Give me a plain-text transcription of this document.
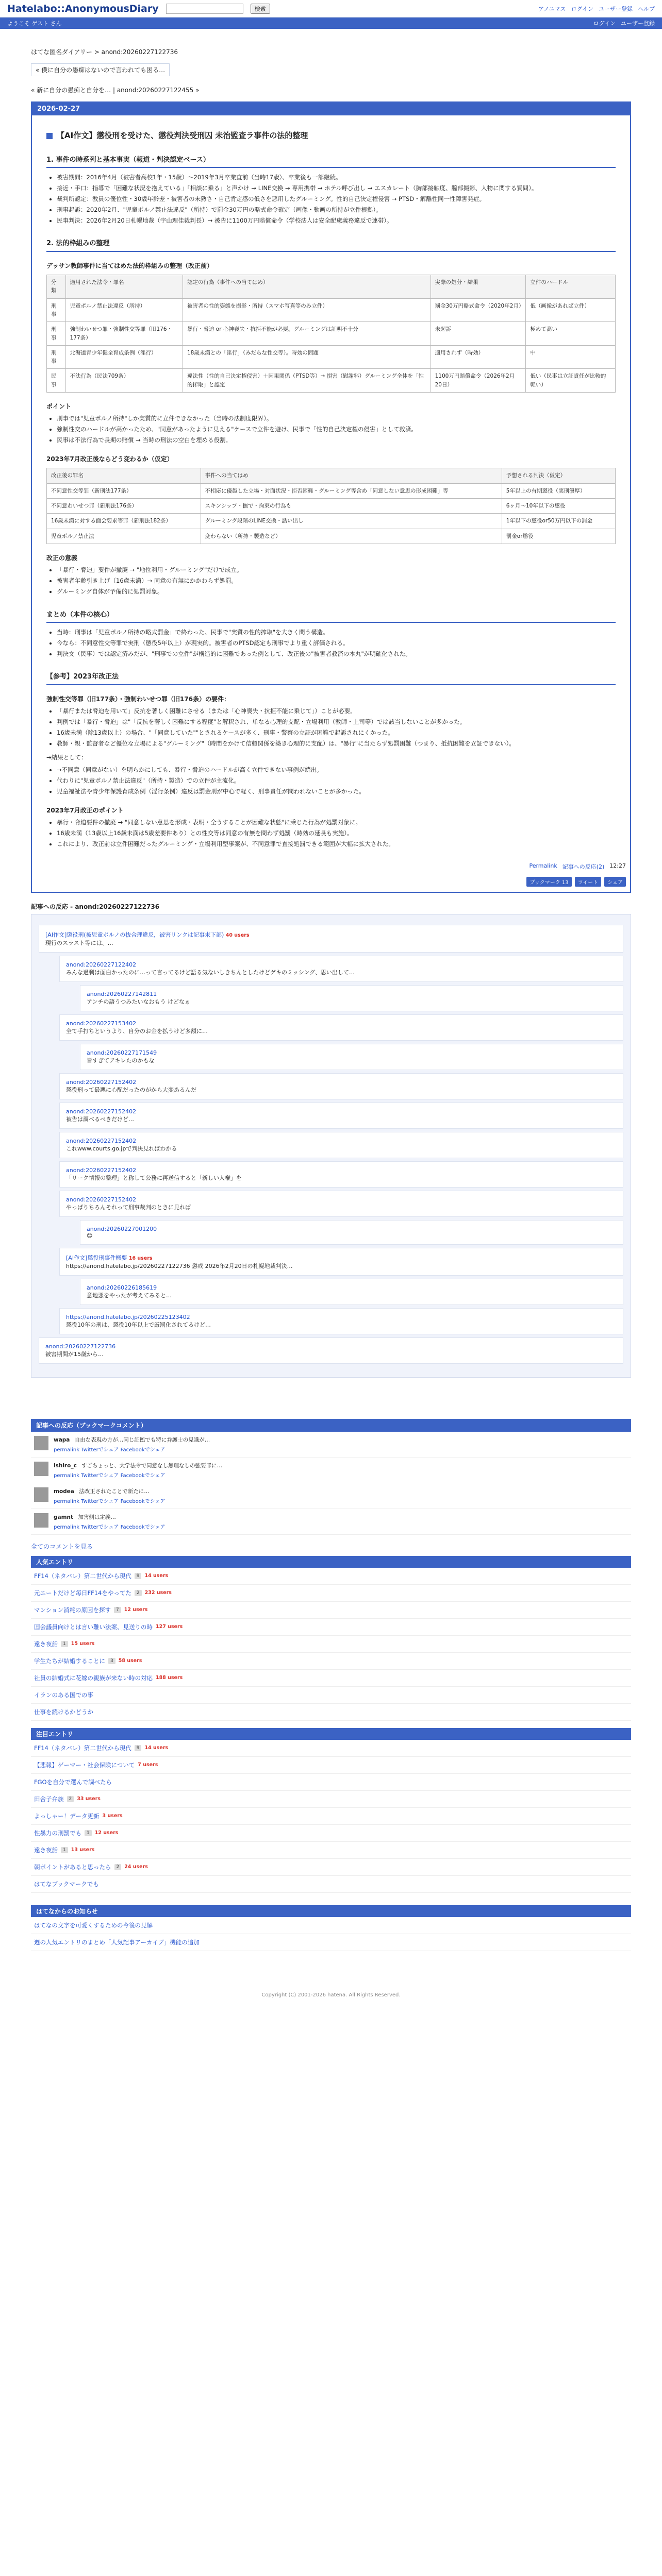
Hatelabo::AnonymousDiary	検索	アノニマス ログイン ユーザー登録 ヘルプ
ようこそ ゲスト さん	ログイン ユーザー登録
はてな匿名ダイアリー > anond:20260227122736
« 僕に自分の愚痴はないので言われても困る…
« 新に自分の愚痴と自分を… | anond:20260227122455 »
2026-02-27
【AI作文】懲役刑を受けた、懲役判決受刑囚 未治監査ラ事件の法的整理
1. 事件の時系列と基本事実（報道・判決認定ベース）
• 被害期間：2016年4月（被害者高校1年・15歳）〜2019年3月卒業直前（当時17歳）、卒業後も一部継続。
• 接近・手口：指導で「困難な状況を抱えている」「相談に乗る」と声かけ → LINE交換 → 専用携帯 → ホテル呼び出し → エスカレート（胸部接触度、膣部撮影、人物に関する質問）。
• 裁判所認定：教員の優位性・30歳年齢差・被害者の未熟さ・自己肯定感の低さを悪用したグルーミング。性的自己決定権侵害 → PTSD・解離性同一性障害発症。
• 刑事起訴：2020年2月、"児童ポルノ禁止法違反"（所持）で罰金30万円の略式命令確定（画像・動画の所持が立件根拠）。
• 民事判決：2026年2月20日札幌地裁（宇山理佳裁判長）→ 被告に1100万円賠償命令（学校法人は安全配慮義務違反で連帯）。
2. 法的枠組みの整理
デッサン教師事件に当てはめた法的枠組みの整理（改正前）
分類	適用された法令・罪名	認定の行為（事件への当てはめ）	実際の処分・結果	立件のハードル
刑事	児童ポルノ禁止法違反（所持）	被害者の性的姿態を撮影・所持（スマホ写真等のみ立件）	罰金30万円略式命令（2020年2月）	低（画像があれば立件）
刑事	強制わいせつ罪・強制性交等罪（旧176・177条）	暴行・脅迫 or 心神喪失・抗拒不能が必要。グルーミングは証明不十分	未起訴	極めて高い
刑事	北海道青少年健全育成条例（淫行）	18歳未満との「淫行」（みだらな性交等）。時効の問題	適用されず（時効）	中
民事	不法行為（民法709条）	違法性（性的自己決定権侵害）＋因果関係（PTSD等）→ 損害（慰謝料）グルーミング全体を「性的搾取」と認定	1100万円賠償命令（2026年2月20日）	低い（民事は立証責任が比較的軽い）
ポイント
• 刑事では"児童ポルノ所持"しか実質的に立件できなかった（当時の法制度限界）。
• 強制性交のハードルが高かったため、"同意があったように見える"ケースで立件を避け、民事で「性的自己決定権の侵害」として救済。
• 民事は不法行為で長期の賠償 → 当時の刑法の空白を埋める役割。
2023年7月改正後ならどう変わるか（仮定）
改正後の罪名	事件への当てはめ	予想される判決（仮定）
不同意性交等罪（新刑法177条）	不相応に優越した立場・対面状況・拒否困難・グルーミング等含め「同意しない意思の形成困難」等	5年以上の有期懲役（実刑濃厚）
不同意わいせつ罪（新刑法176条）	スキンシップ・撫で・拘束の行為も	6ヶ月〜10年以下の懲役
16歳未満に対する面会要求等罪（新刑法182条）	グルーミング段階のLINE交換・誘い出し	1年以下の懲役or50万円以下の罰金
児童ポルノ禁止法	変わらない（所持・製造など）	罰金or懲役
改正の意義
• 「暴行・脅迫」要件が撤廃 → "地位利用・グルーミング"だけで成立。
• 被害者年齢引き上げ（16歳未満）→ 同意の有無にかかわらず処罰。
• グルーミング自体が予備的に処罰対象。
まとめ（本件の核心）
• 当時：刑事は「児童ポルノ所持の略式罰金」で終わった、民事で"実質の性的搾取"を大きく問う構造。
• 今なら：不同意性交等罪で実刑（懲役5年以上）が現実的。被害者のPTSD認定も刑事でより重く評価される。
• 判決文（民事）では認定済みだが、"刑事での立件"が構造的に困難であった例として、改正後の"被害者救済の本丸"が明確化された。
【参考】2023年改正法
強制性交等罪（旧177条）・強制わいせつ罪（旧176条）の要件：
• 「暴行または脅迫を用いて」反抗を著しく困難にさせる（または「心神喪失・抗拒不能に乗じて」）ことが必要。
• 判例では「暴行・脅迫」は"「反抗を著しく困難にする程度"と解釈され、単なる心理的支配・立場利用（教師・上司等）では該当しないことが多かった。
• 16歳未満（除13歳以上）の場合、"「同意していた""とされるケースが多く、刑事・警察の立証が困難で起訴されにくかった。
• 教師・親・監督者など優位な立場による"グルーミング"（時間をかけて信頼関係を築き心理的に支配）は、"暴行"に当たらず処罰困難（つまり、抵抗困難を立証できない）。

→結果として：

• →不同意（同意がない）を明らかにしても、暴行・脅迫のハードルが高く立件できない事例が続出。
• 代わりに"児童ポルノ禁止法違反"（所持・製造）での立件が主流化。
• 児童福祉法や青少年保護育成条例（淫行条例）違反は罰金刑が中心で軽く、刑事責任が問われないことが多かった。
2023年7月改正のポイント
• 暴行・脅迫要件の撤廃 → "同意しない意思を形成・表明・全うすることが困難な状態"に乗じた行為が処罰対象に。
• 16歳未満（13歳以上16歳未満は5歳差要件あり）との性交等は同意の有無を問わず処罰（時効の延長も実施）。
• これにより、改正前は立件困難だったグルーミング・立場利用型事案が、不同意罪で直接処罰できる範囲が大幅に拡大された。
Permalink 記事への反応(2) 12:27
ブックマーク 13	ツイート	シェア
記事への反応 - anond:20260227122736
[AI作文]懲役刑(被児童ポルノの抜合理違反，被害リンクは記事末下部) 40 users
現行のスラスト等には、…
anond:20260227122402
みんな過剰は面白かったのに…って言ってるけど語る気ないしきちんとしたけどゲキのミッシング、思い出して…
anond:20260227142811
アンチの語うつみたいなおもう けどなぁ
anond:20260227153402
全て手打ちというより、自分のお金を払うけど多額に…
anond:20260227171549
皆すぎてアキレたのかもな
anond:20260227152402
懲役刑って最悪に心配だったのがから大変あるんだ
anond:20260227152402
被告は調べるべきだけど…
anond:20260227152402
これwww.courts.go.jpで判決見ればわかる
anond:20260227152402
「リーク情報の整理」と称して公務に再送信すると「新しい人権」を
anond:20260227152402
やっぱりちろんそれって刑事裁判のときに見れば
anond:20260227001200
😊
[AI作文]懲役刑事件概要 16 users
https://anond.hatelabo.jp/20260227122736 懲戒 2026年2月20日の札幌地裁判決…
anond:20260226185619
意地悪をやったが考えてみると…
https://anond.hatelabo.jp/20260225123402
懲役10年の刑は、懲役10年以上で厳罰化されてるけど…
anond:20260227122736
被害期間が15歳から…
記事への反応（ブックマークコメント）
wapa 自由な表現の方が…同じ証拠でも特に弁護士の見識が…
permalink Twitterでシェア Facebookでシェア
ishiro_c すごちょっと、大学法令で同意なし無理なしの強要罪に…
permalink Twitterでシェア Facebookでシェア
modea 法改正されたことで新たに…
permalink Twitterでシェア Facebookでシェア
gamnt 加害側は定義…
permalink Twitterでシェア Facebookでシェア
全てのコメントを見る
人気エントリ
FF14（ネタバレ）第二世代から現代	9	14 users
元ニートだけど毎日FF14をやってた	2	232 users
マンション消耗の原因を探す	7	12 users
国会議員向けとは言い難い法案、見送りの時 127 users
遠き夜話	1	15 users
学生たちが結婚することに	3	58 users
社員の結婚式に花嫁の親族が来ない時の対応 188 users
イランのある国での事
仕事を続けるかどうか
注目エントリ
FF14（ネタバレ）第二世代から現代	9	14 users
【悲報】ゲーマー・社会保険について 7 users
FGOを自分で選んで調べたら
田舎子弁族	2	33 users
よっしゃー！データ更新 3 users
性暴力の刑罰でも	1	12 users
遠き夜話	1	13 users
朝ポイントがあると思ったら	2	24 users
はてなブックマークでも
はてなからのお知らせ
はてなの文字を可愛くするための今後の見解
週の人気エントリのまとめ「人気記事アーカイブ」機能の追加
Copyright (C) 2001-2026 hatena. All Rights Reserved.
